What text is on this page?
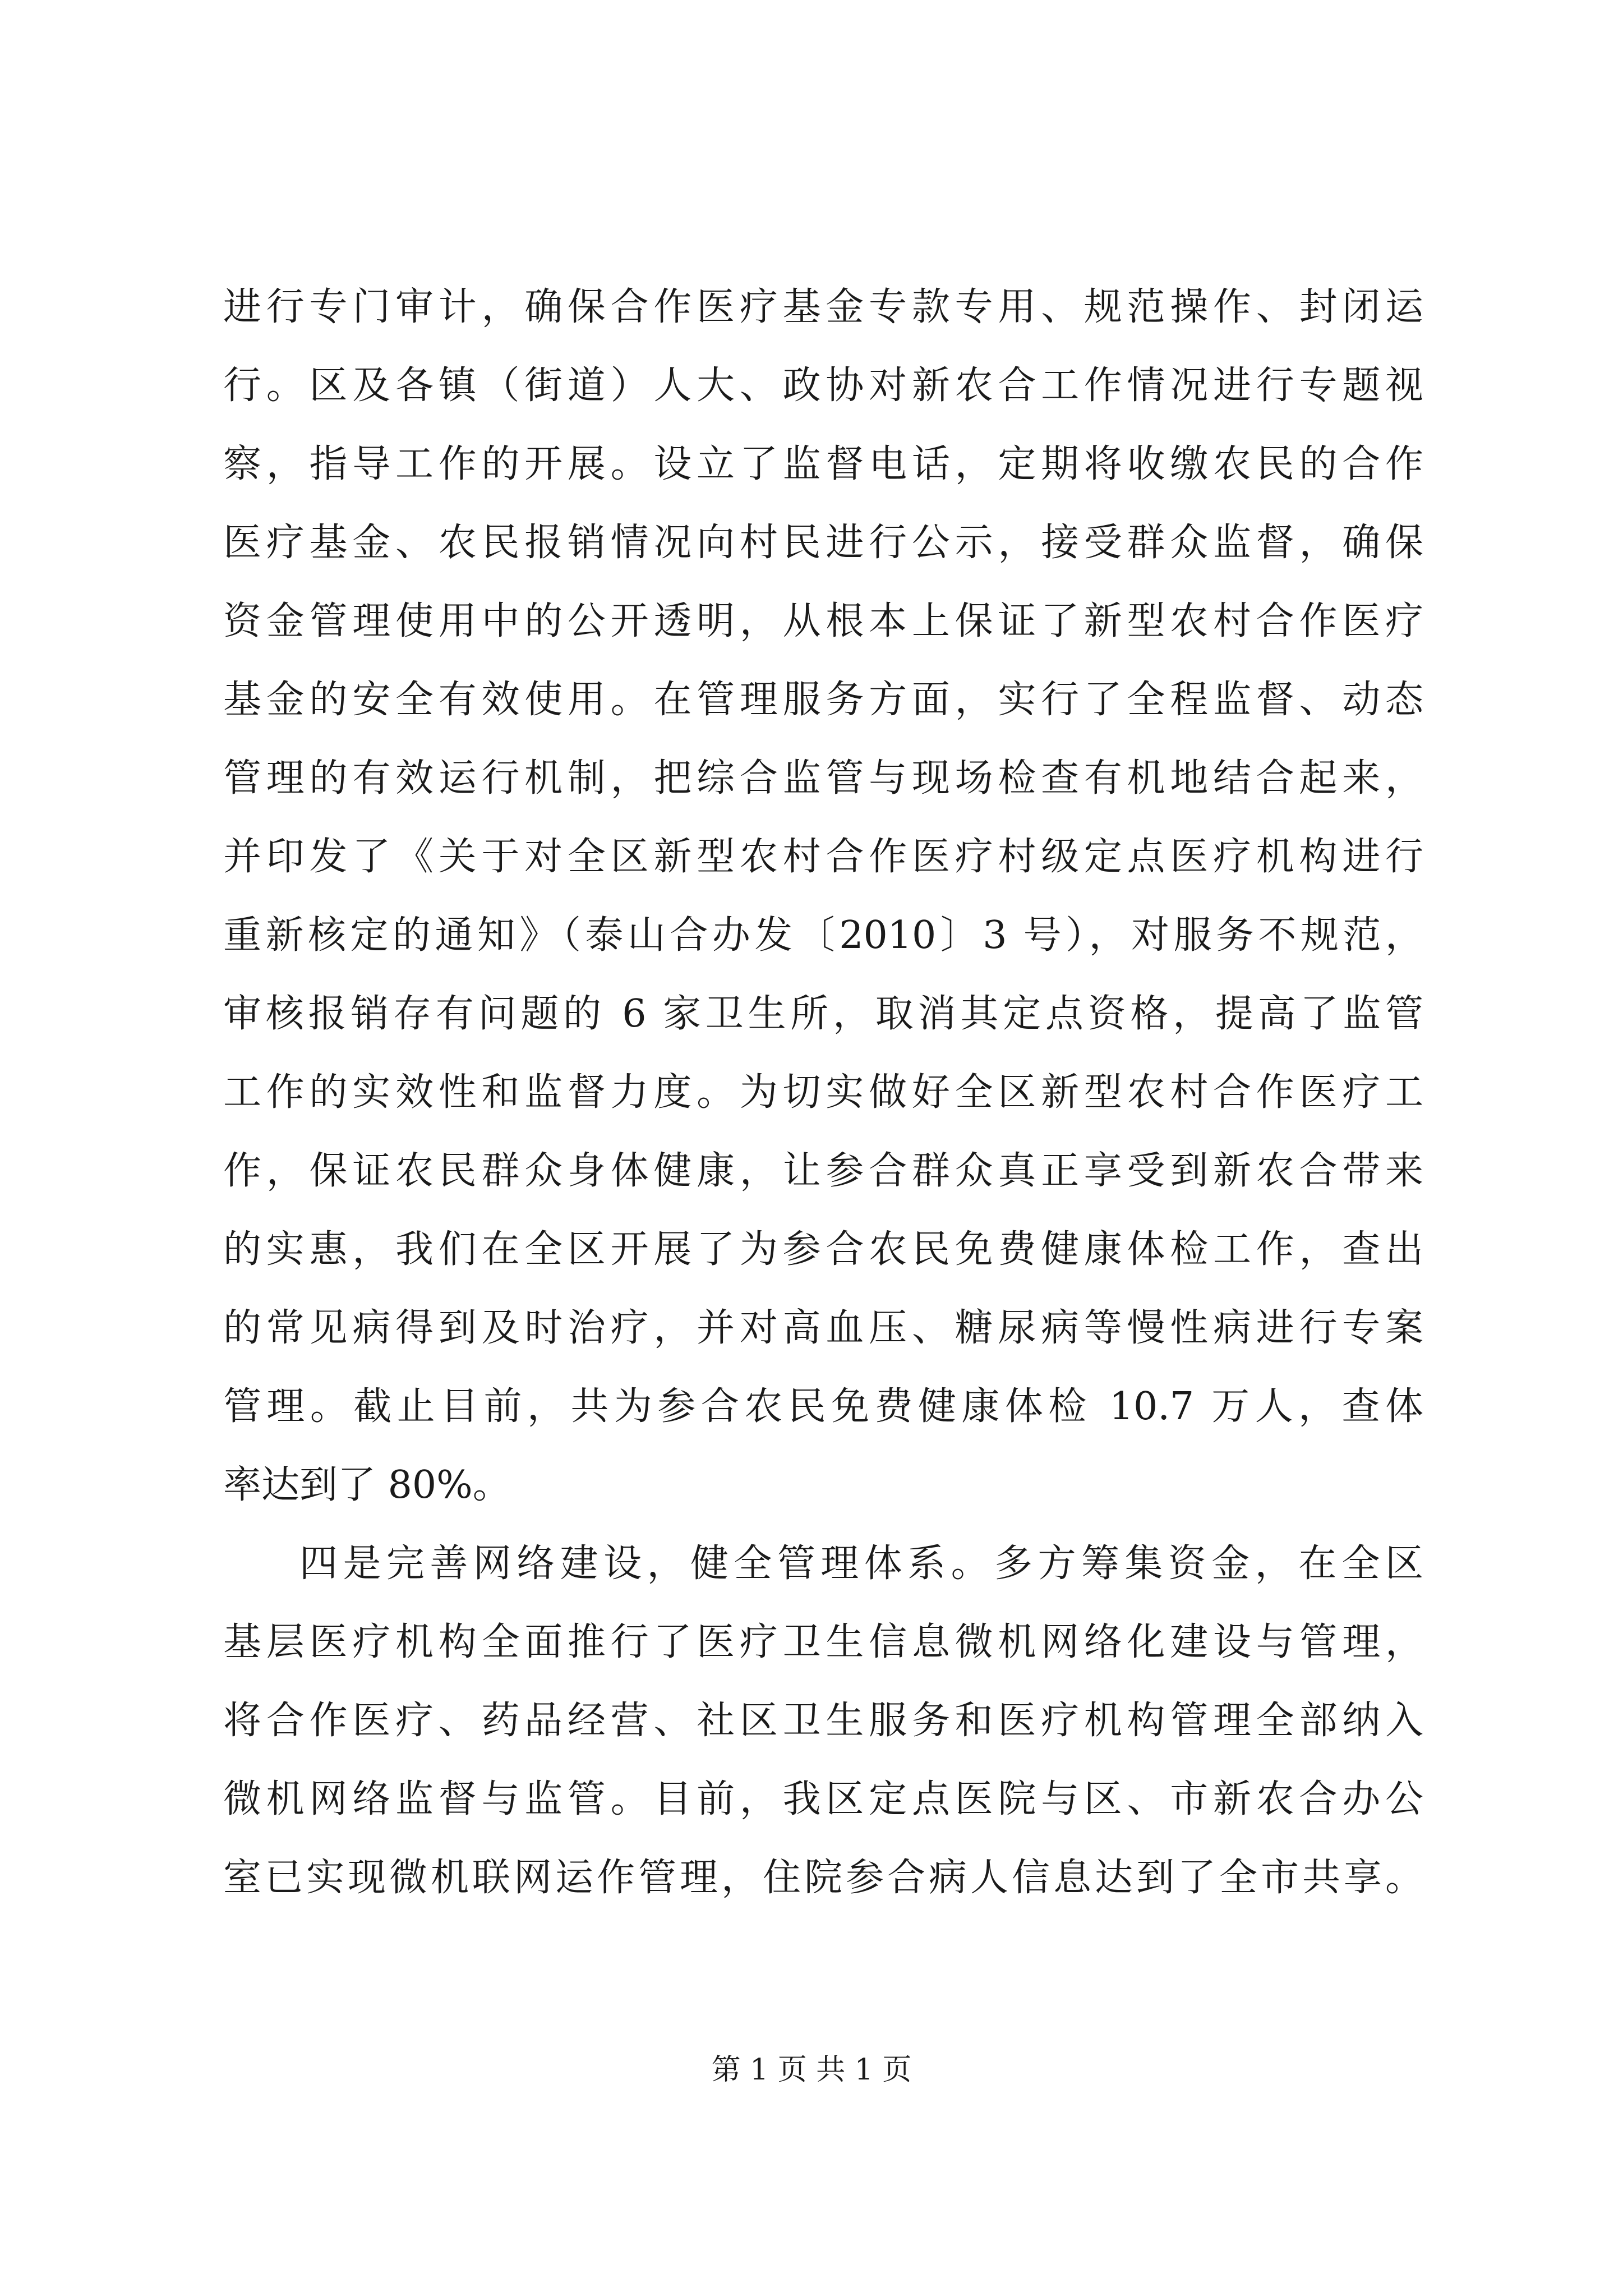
进行专门审计，确保合作医疗基金专款专用、规范操作、封闭运
行。区及各镇（街道）人大、政协对新农合工作情况进行专题视
察，指导工作的开展。设立了监督电话，定期将收缴农民的合作
医疗基金、农民报销情况向村民进行公示，接受群众监督，确保
资金管理使用中的公开透明，从根本上保证了新型农村合作医疗
基金的安全有效使用。在管理服务方面，实行了全程监督、动态
管理的有效运行机制，把综合监管与现场检查有机地结合起来，
并印发了《关于对全区新型农村合作医疗村级定点医疗机构进行
重新核定的通知》（泰山合办发〔2010〕3 号），对服务不规范，
审核报销存有问题的 6 家卫生所，取消其定点资格，提高了监管
工作的实效性和监督力度。为切实做好全区新型农村合作医疗工
作，保证农民群众身体健康，让参合群众真正享受到新农合带来
的实惠，我们在全区开展了为参合农民免费健康体检工作，查出
的常见病得到及时治疗，并对高血压、糖尿病等慢性病进行专案
管理。截止目前，共为参合农民免费健康体检 10.7 万人，查体
率达到了 80%。
四是完善网络建设，健全管理体系。多方筹集资金，在全区
基层医疗机构全面推行了医疗卫生信息微机网络化建设与管理，
将合作医疗、药品经营、社区卫生服务和医疗机构管理全部纳入
微机网络监督与监管。目前，我区定点医院与区、市新农合办公
室已实现微机联网运作管理，住院参合病人信息达到了全市共享。
第 1 页 共 1 页
